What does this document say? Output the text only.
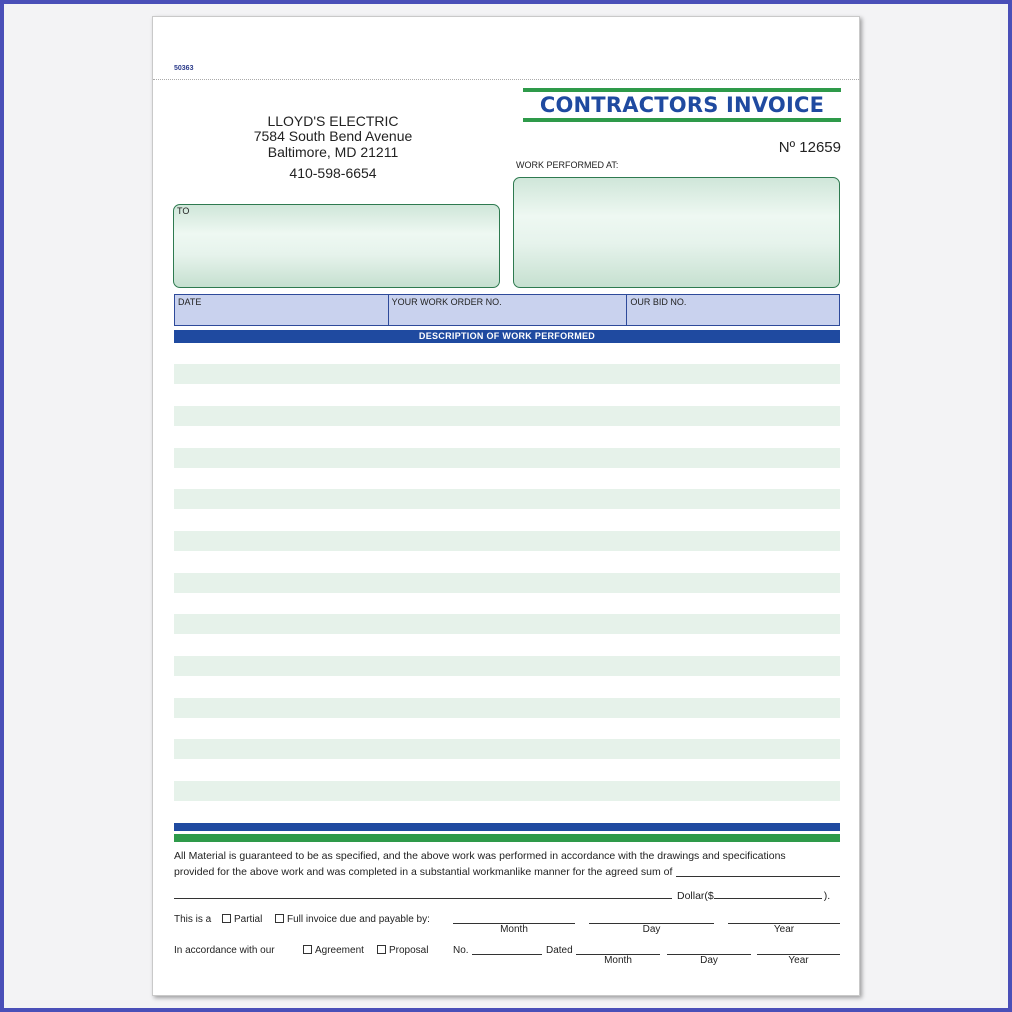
50363
LLOYD'S ELECTRIC
7584 South Bend Avenue
Baltimore, MD 21211
410-598-6654
CONTRACTORS INVOICE
Nº 12659
WORK PERFORMED AT:
TO
DATE	YOUR WORK ORDER NO.	OUR BID NO.
DESCRIPTION OF WORK PERFORMED
All Material is guaranteed to be as specified, and the above work was performed in accordance with the drawings and specifications
provided for the above work and was completed in a substantial workmanlike manner for the agreed sum of
Dollar($	).
This is a	Partial	Full invoice due and payable by:
Month	Day	Year
In accordance with our	Agreement	Proposal No.	Dated
Month	Day	Year
